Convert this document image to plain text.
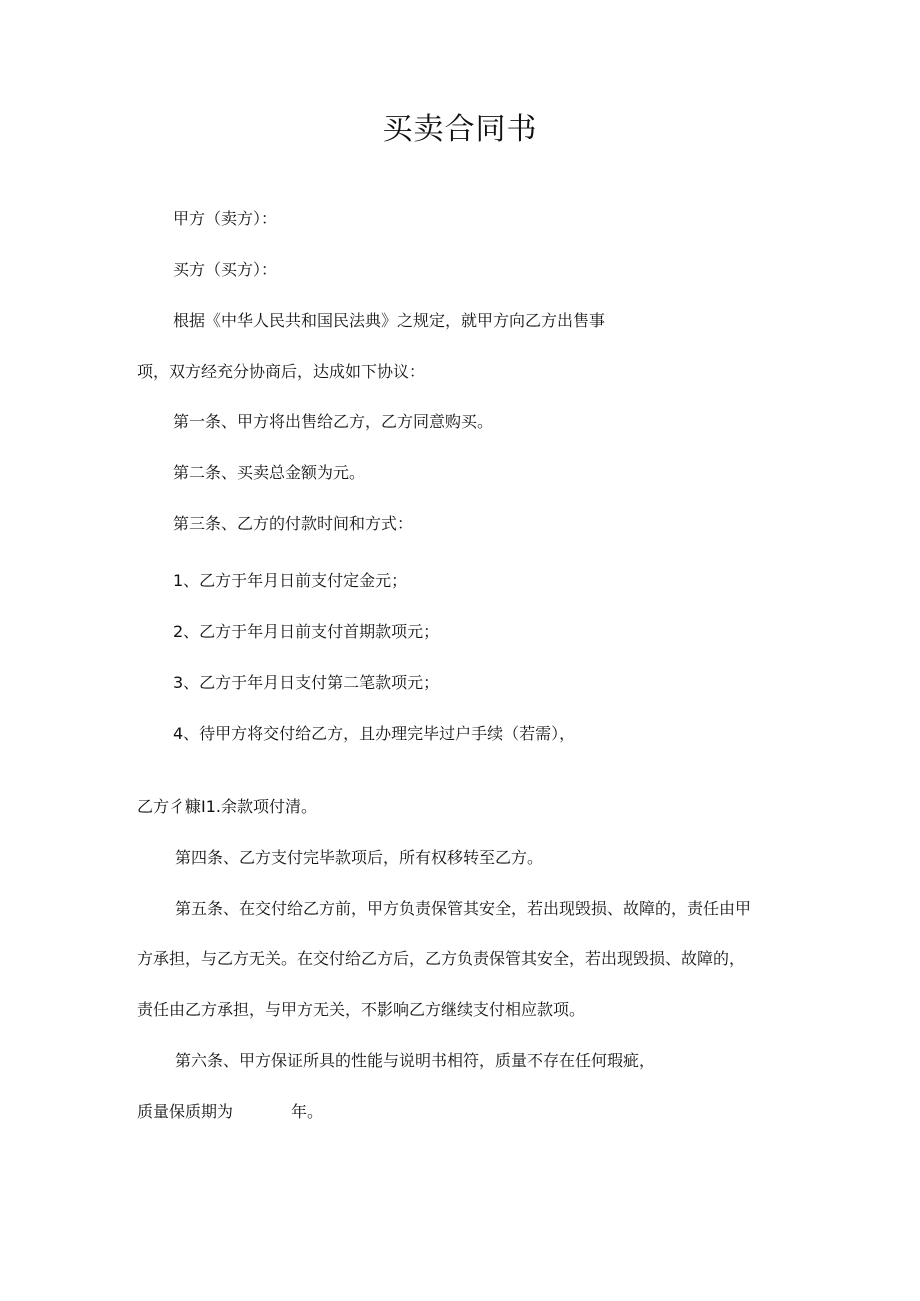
买卖合同书
甲方（卖方）：
买方（买方）：
根据《中华人民共和国民法典》之规定，就甲方向乙方出售事
项，双方经充分协商后，达成如下协议：
第一条、甲方将出售给乙方，乙方同意购买。
第二条、买卖总金额为元。
第三条、乙方的付款时间和方式：
1、乙方于年月日前支付定金元；
2、乙方于年月日前支付首期款项元；
3、乙方于年月日支付第二笔款项元；
4、待甲方将交付给乙方，且办理完毕过户手续（若需），
乙方彳糠I1.余款项付清。
第四条、乙方支付完毕款项后，所有权移转至乙方。
第五条、在交付给乙方前，甲方负责保管其安全，若出现毁损、故障的，责任由甲
方承担，与乙方无关。在交付给乙方后，乙方负责保管其安全，若出现毁损、故障的，
责任由乙方承担，与甲方无关，不影响乙方继续支付相应款项。
第六条、甲方保证所具的性能与说明书相符，质量不存在任何瑕疵，
质量保质期为	年。
